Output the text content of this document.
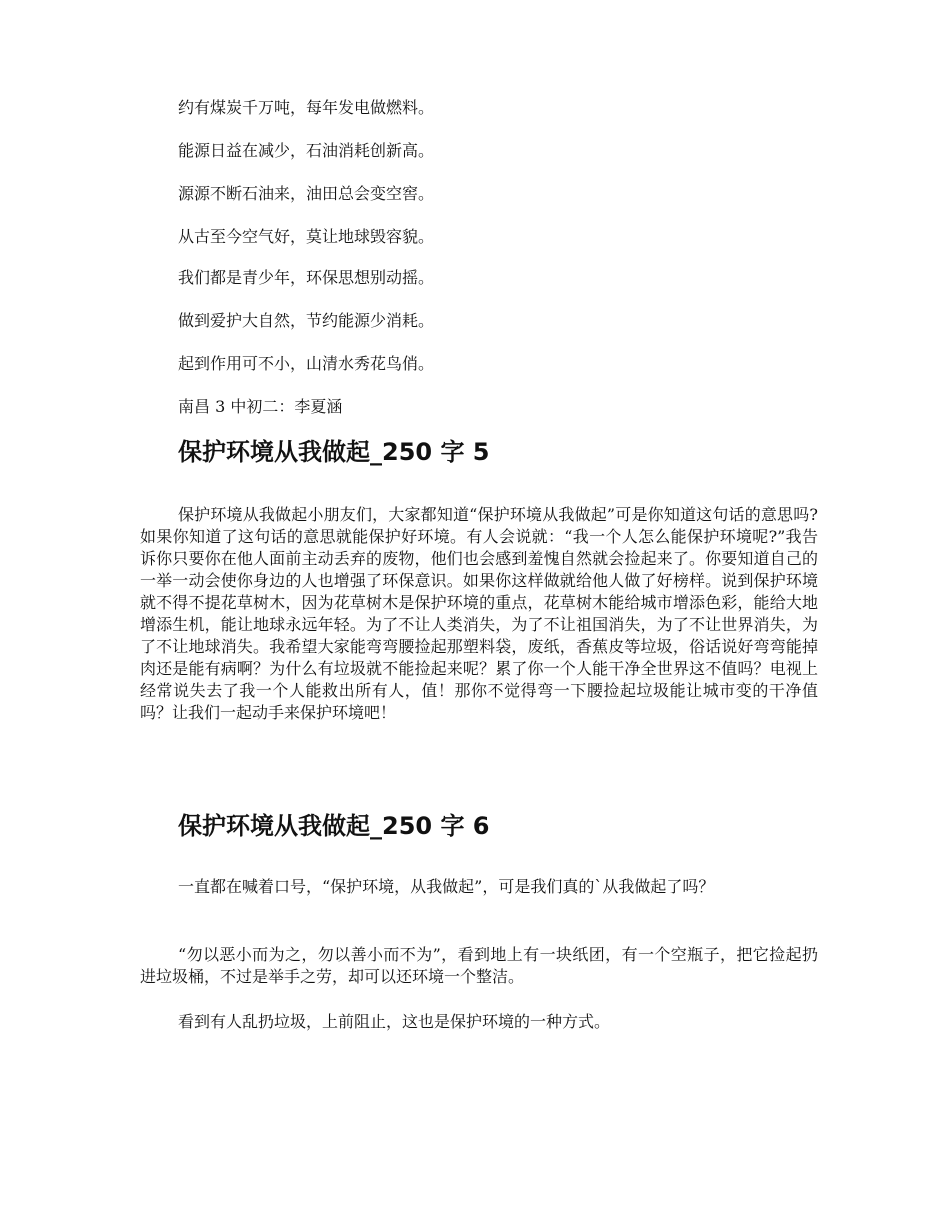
约有煤炭千万吨，每年发电做燃料。
能源日益在减少，石油消耗创新高。
源源不断石油来，油田总会变空窖。
从古至今空气好，莫让地球毁容貌。
我们都是青少年，环保思想别动摇。
做到爱护大自然，节约能源少消耗。
起到作用可不小，山清水秀花鸟俏。
南昌 3 中初二：李夏涵
保护环境从我做起_250 字 5
保护环境从我做起小朋友们，大家都知道“保护环境从我做起”可是你知道这句话的意思吗?如果你知道了这句话的意思就能保护好环境。有人会说就：“我一个人怎么能保护环境呢?”我告诉你只要你在他人面前主动丢弃的废物，他们也会感到羞愧自然就会捡起来了。你要知道自己的一举一动会使你身边的人也增强了环保意识。如果你这样做就给他人做了好榜样。说到保护环境就不得不提花草树木，因为花草树木是保护环境的重点，花草树木能给城市增添色彩，能给大地增添生机，能让地球永远年轻。为了不让人类消失，为了不让祖国消失，为了不让世界消失，为了不让地球消失。我希望大家能弯弯腰捡起那塑料袋，废纸，香蕉皮等垃圾，俗话说好弯弯能掉肉还是能有病啊？为什么有垃圾就不能捡起来呢？累了你一个人能干净全世界这不值吗？电视上经常说失去了我一个人能救出所有人，值！那你不觉得弯一下腰捡起垃圾能让城市变的干净值吗？让我们一起动手来保护环境吧！
保护环境从我做起_250 字 6
一直都在喊着口号，“保护环境，从我做起”，可是我们真的`从我做起了吗？
“勿以恶小而为之，勿以善小而不为”，看到地上有一块纸团，有一个空瓶子，把它捡起扔进垃圾桶，不过是举手之劳，却可以还环境一个整洁。
看到有人乱扔垃圾，上前阻止，这也是保护环境的一种方式。
